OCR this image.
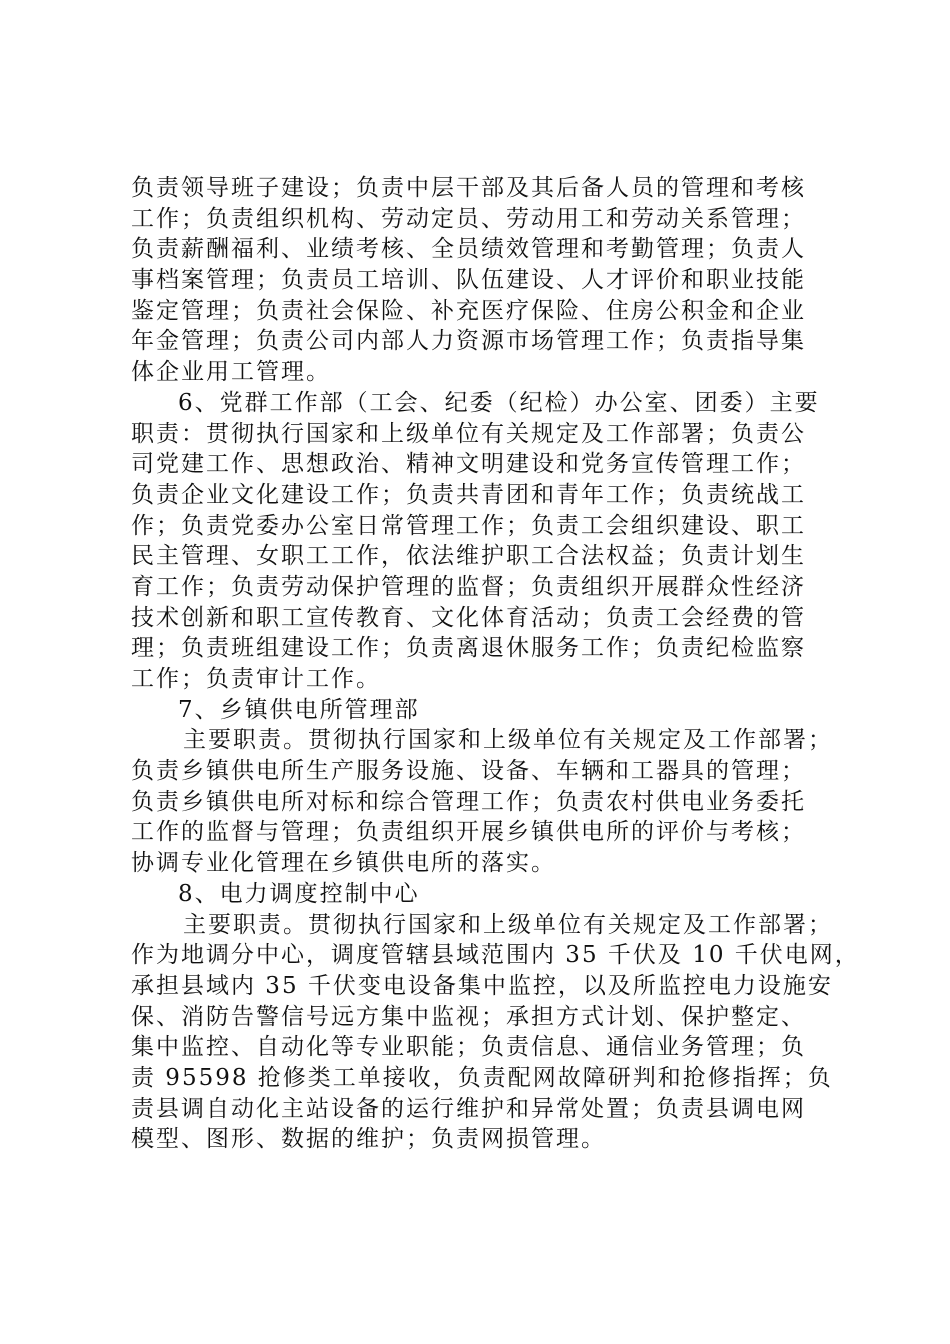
负责领导班子建设；负责中层干部及其后备人员的管理和考核
工作；负责组织机构、劳动定员、劳动用工和劳动关系管理；
负责薪酬福利、业绩考核、全员绩效管理和考勤管理；负责人
事档案管理；负责员工培训、队伍建设、人才评价和职业技能
鉴定管理；负责社会保险、补充医疗保险、住房公积金和企业
年金管理；负责公司内部人力资源市场管理工作；负责指导集
体企业用工管理。
6、党群工作部（工会、纪委（纪检）办公室、团委）主要
职责：贯彻执行国家和上级单位有关规定及工作部署；负责公
司党建工作、思想政治、精神文明建设和党务宣传管理工作；
负责企业文化建设工作；负责共青团和青年工作；负责统战工
作；负责党委办公室日常管理工作；负责工会组织建设、职工
民主管理、女职工工作，依法维护职工合法权益；负责计划生
育工作；负责劳动保护管理的监督；负责组织开展群众性经济
技术创新和职工宣传教育、文化体育活动；负责工会经费的管
理；负责班组建设工作；负责离退休服务工作；负责纪检监察
工作；负责审计工作。
7、乡镇供电所管理部
主要职责。贯彻执行国家和上级单位有关规定及工作部署；
负责乡镇供电所生产服务设施、设备、车辆和工器具的管理；
负责乡镇供电所对标和综合管理工作；负责农村供电业务委托
工作的监督与管理；负责组织开展乡镇供电所的评价与考核；
协调专业化管理在乡镇供电所的落实。
8、电力调度控制中心
主要职责。贯彻执行国家和上级单位有关规定及工作部署；
作为地调分中心，调度管辖县域范围内 35 千伏及 10 千伏电网，
承担县域内 35 千伏变电设备集中监控，以及所监控电力设施安
保、消防告警信号远方集中监视；承担方式计划、保护整定、
集中监控、自动化等专业职能；负责信息、通信业务管理；负
责 95598 抢修类工单接收，负责配网故障研判和抢修指挥；负
责县调自动化主站设备的运行维护和异常处置；负责县调电网
模型、图形、数据的维护；负责网损管理。
